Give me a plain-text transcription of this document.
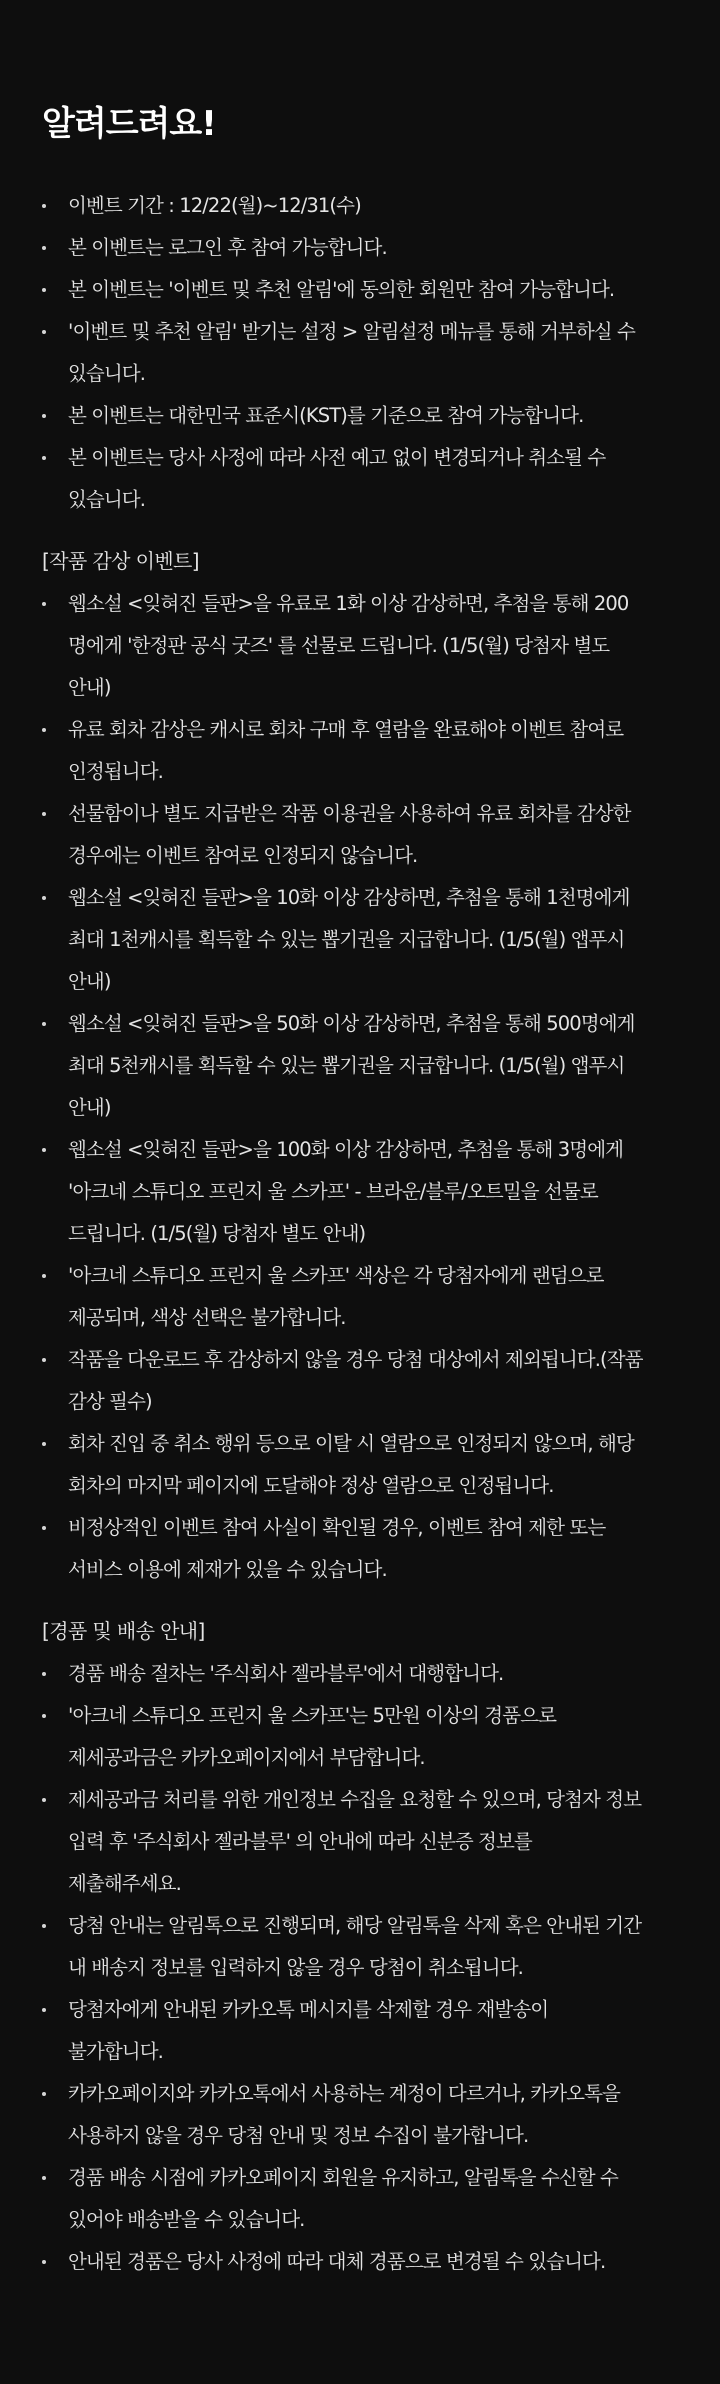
알려드려요!
이벤트 기간 : 12/22(월)~12/31(수)
본 이벤트는 로그인 후 참여 가능합니다.
본 이벤트는 '이벤트 및 추천 알림'에 동의한 회원만 참여 가능합니다.
'이벤트 및 추천 알림' 받기는 설정 > 알림설정 메뉴를 통해 거부하실 수
있습니다.
본 이벤트는 대한민국 표준시(KST)를 기준으로 참여 가능합니다.
본 이벤트는 당사 사정에 따라 사전 예고 없이 변경되거나 취소될 수
있습니다.
[작품 감상 이벤트]
웹소설 <잊혀진 들판>을 유료로 1화 이상 감상하면, 추첨을 통해 200
명에게 '한정판 공식 굿즈' 를 선물로 드립니다. (1/5(월) 당첨자 별도
안내)
유료 회차 감상은 캐시로 회차 구매 후 열람을 완료해야 이벤트 참여로
인정됩니다.
선물함이나 별도 지급받은 작품 이용권을 사용하여 유료 회차를 감상한
경우에는 이벤트 참여로 인정되지 않습니다.
웹소설 <잊혀진 들판>을 10화 이상 감상하면, 추첨을 통해 1천명에게
최대 1천캐시를 획득할 수 있는 뽑기권을 지급합니다. (1/5(월) 앱푸시
안내)
웹소설 <잊혀진 들판>을 50화 이상 감상하면, 추첨을 통해 500명에게
최대 5천캐시를 획득할 수 있는 뽑기권을 지급합니다. (1/5(월) 앱푸시
안내)
웹소설 <잊혀진 들판>을 100화 이상 감상하면, 추첨을 통해 3명에게
'아크네 스튜디오 프린지 울 스카프' - 브라운/블루/오트밀을 선물로
드립니다. (1/5(월) 당첨자 별도 안내)
'아크네 스튜디오 프린지 울 스카프' 색상은 각 당첨자에게 랜덤으로
제공되며, 색상 선택은 불가합니다.
작품을 다운로드 후 감상하지 않을 경우 당첨 대상에서 제외됩니다.(작품
감상 필수)
회차 진입 중 취소 행위 등으로 이탈 시 열람으로 인정되지 않으며, 해당
회차의 마지막 페이지에 도달해야 정상 열람으로 인정됩니다.
비정상적인 이벤트 참여 사실이 확인될 경우, 이벤트 참여 제한 또는
서비스 이용에 제재가 있을 수 있습니다.
[경품 및 배송 안내]
경품 배송 절차는 '주식회사 젤라블루'에서 대행합니다.
'아크네 스튜디오 프린지 울 스카프'는 5만원 이상의 경품으로
제세공과금은 카카오페이지에서 부담합니다.
제세공과금 처리를 위한 개인정보 수집을 요청할 수 있으며, 당첨자 정보
입력 후 '주식회사 젤라블루' 의 안내에 따라 신분증 정보를
제출해주세요.
당첨 안내는 알림톡으로 진행되며, 해당 알림톡을 삭제 혹은 안내된 기간
내 배송지 정보를 입력하지 않을 경우 당첨이 취소됩니다.
당첨자에게 안내된 카카오톡 메시지를 삭제할 경우 재발송이
불가합니다.
카카오페이지와 카카오톡에서 사용하는 계정이 다르거나, 카카오톡을
사용하지 않을 경우 당첨 안내 및 정보 수집이 불가합니다.
경품 배송 시점에 카카오페이지 회원을 유지하고, 알림톡을 수신할 수
있어야 배송받을 수 있습니다.
안내된 경품은 당사 사정에 따라 대체 경품으로 변경될 수 있습니다.
